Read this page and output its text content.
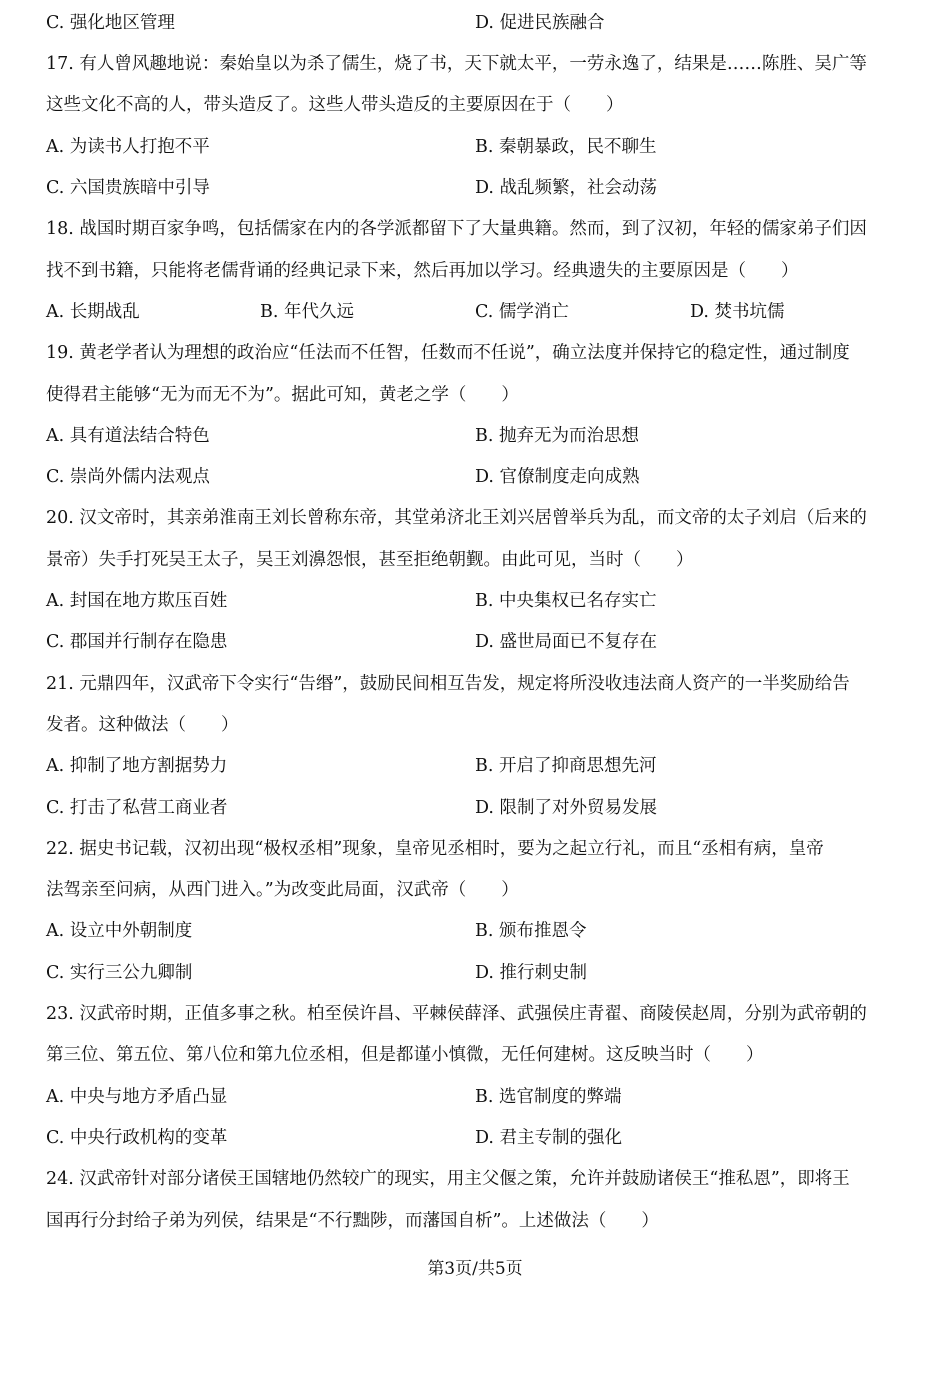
C. 强化地区管理	D. 促进民族融合
17. 有人曾风趣地说：秦始皇以为杀了儒生，烧了书，天下就太平，一劳永逸了，结果是……陈胜、吴广等
这些文化不高的人，带头造反了。这些人带头造反的主要原因在于（　　）
A. 为读书人打抱不平	B. 秦朝暴政，民不聊生
C. 六国贵族暗中引导	D. 战乱频繁，社会动荡
18. 战国时期百家争鸣，包括儒家在内的各学派都留下了大量典籍。然而，到了汉初，年轻的儒家弟子们因
找不到书籍，只能将老儒背诵的经典记录下来，然后再加以学习。经典遗失的主要原因是（　　）
A. 长期战乱	B. 年代久远	C. 儒学消亡	D. 焚书坑儒
19. 黄老学者认为理想的政治应“任法而不任智，任数而不任说”，确立法度并保持它的稳定性，通过制度
使得君主能够“无为而无不为”。据此可知，黄老之学（　　）
A. 具有道法结合特色	B. 抛弃无为而治思想
C. 崇尚外儒内法观点	D. 官僚制度走向成熟
20. 汉文帝时，其亲弟淮南王刘长曾称东帝，其堂弟济北王刘兴居曾举兵为乱，而文帝的太子刘启（后来的
景帝）失手打死吴王太子，吴王刘濞怨恨，甚至拒绝朝觐。由此可见，当时（　　）
A. 封国在地方欺压百姓	B. 中央集权已名存实亡
C. 郡国并行制存在隐患	D. 盛世局面已不复存在
21. 元鼎四年，汉武帝下令实行“告缗”，鼓励民间相互告发，规定将所没收违法商人资产的一半奖励给告
发者。这种做法（　　）
A. 抑制了地方割据势力	B. 开启了抑商思想先河
C. 打击了私营工商业者	D. 限制了对外贸易发展
22. 据史书记载，汉初出现“极权丞相”现象，皇帝见丞相时，要为之起立行礼，而且“丞相有病，皇帝
法驾亲至问病，从西门进入。”为改变此局面，汉武帝（　　）
A. 设立中外朝制度	B. 颁布推恩令
C. 实行三公九卿制	D. 推行刺史制
23. 汉武帝时期，正值多事之秋。柏至侯许昌、平棘侯薛泽、武强侯庄青翟、商陵侯赵周，分别为武帝朝的
第三位、第五位、第八位和第九位丞相，但是都谨小慎微，无任何建树。这反映当时（　　）
A. 中央与地方矛盾凸显	B. 选官制度的弊端
C. 中央行政机构的变革	D. 君主专制的强化
24. 汉武帝针对部分诸侯王国辖地仍然较广的现实，用主父偃之策，允许并鼓励诸侯王“推私恩”，即将王
国再行分封给子弟为列侯，结果是“不行黜陟，而藩国自析”。上述做法（　　）
第3页/共5页
